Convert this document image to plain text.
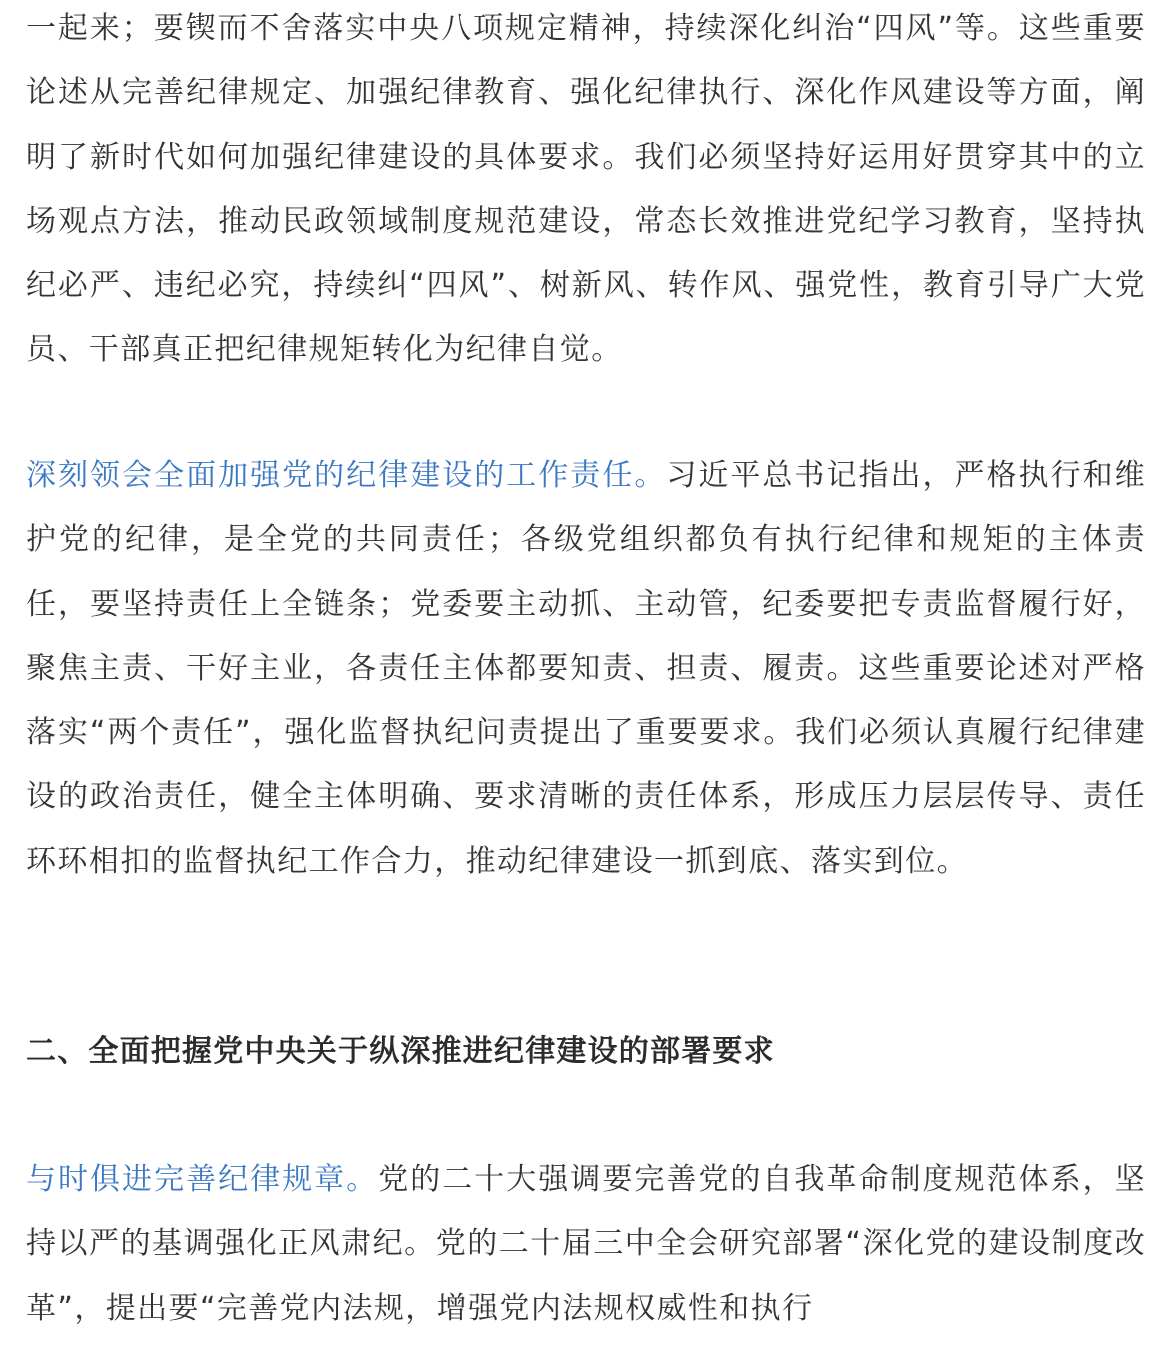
一起来；要锲而不舍落实中央八项规定精神，持续深化纠治“四风”等。这些重要论述从完善纪律规定、加强纪律教育、强化纪律执行、深化作风建设等方面，阐明了新时代如何加强纪律建设的具体要求。我们必须坚持好运用好贯穿其中的立场观点方法，推动民政领域制度规范建设，常态长效推进党纪学习教育，坚持执纪必严、违纪必究，持续纠“四风”、树新风、转作风、强党性，教育引导广大党员、干部真正把纪律规矩转化为纪律自觉。

深刻领会全面加强党的纪律建设的工作责任。习近平总书记指出，严格执行和维护党的纪律，是全党的共同责任；各级党组织都负有执行纪律和规矩的主体责任，要坚持责任上全链条；党委要主动抓、主动管，纪委要把专责监督履行好，聚焦主责、干好主业，各责任主体都要知责、担责、履责。这些重要论述对严格落实“两个责任”，强化监督执纪问责提出了重要要求。我们必须认真履行纪律建设的政治责任，健全主体明确、要求清晰的责任体系，形成压力层层传导、责任环环相扣的监督执纪工作合力，推动纪律建设一抓到底、落实到位。

二、全面把握党中央关于纵深推进纪律建设的部署要求

与时俱进完善纪律规章。党的二十大强调要完善党的自我革命制度规范体系，坚持以严的基调强化正风肃纪。党的二十届三中全会研究部署“深化党的建设制度改革”，提出要“完善党内法规，增强党内法规权威性和执行
